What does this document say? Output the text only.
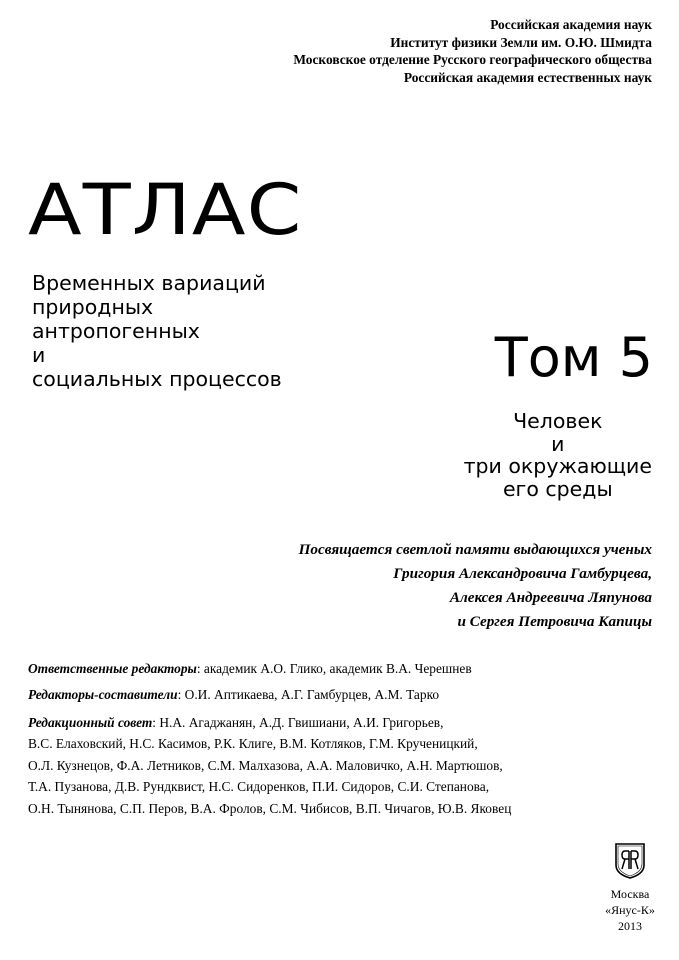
Российская академия наук
Институт физики Земли им. О.Ю. Шмидта
Московское отделение Русского географического общества
Российская академия естественных наук
АТЛАС
Временных вариаций
природных
антропогенных
и
социальных процессов	Том 5
Человек
и
три окружающие
его среды
Посвящается светлой памяти выдающихся ученых
Григория Александровича Гамбурцева,
Алексея Андреевича Ляпунова
и Сергея Петровича Капицы
Ответственные редакторы: академик А.О. Глико, академик В.А. Черешнев
Редакторы-составители: О.И. Аптикаева, А.Г. Гамбурцев, А.М. Тарко
Редакционный совет: Н.А. Агаджанян, А.Д. Гвишиани, А.И. Григорьев,
В.С. Елаховский, Н.С. Касимов, Р.К. Клиге, В.М. Котляков, Г.М. Крученицкий,
О.Л. Кузнецов, Ф.А. Летников, С.М. Малхазова, А.А. Маловичко, А.Н. Мартюшов,
Т.А. Пузанова, Д.В. Рундквист, Н.С. Сидоренков, П.И. Сидоров, С.И. Степанова,
О.Н. Тынянова, С.П. Перов, В.А. Фролов, С.М. Чибисов, В.П. Чичагов, Ю.В. Яковец
Москва
«Янус-К»
2013
